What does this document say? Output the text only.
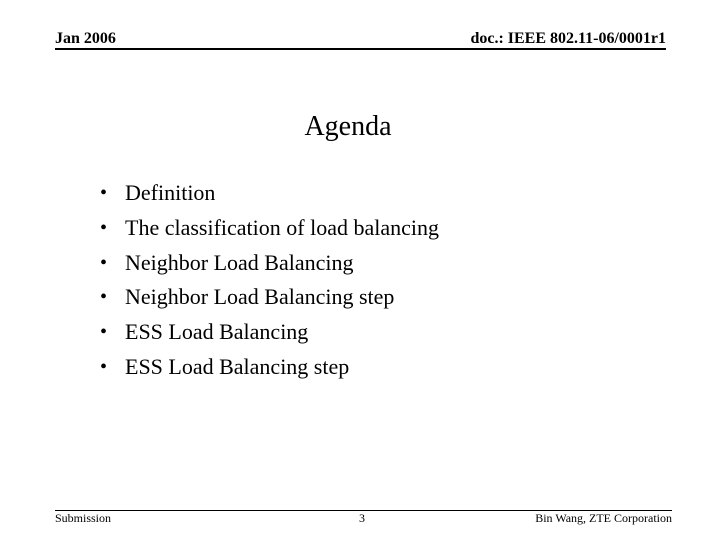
Jan 2006	doc.: IEEE 802.11-06/0001r1
Agenda
• Definition
• The classification of load balancing
• Neighbor Load Balancing
• Neighbor Load Balancing step
• ESS Load Balancing
• ESS Load Balancing step
Submission	3	Bin Wang, ZTE Corporation
